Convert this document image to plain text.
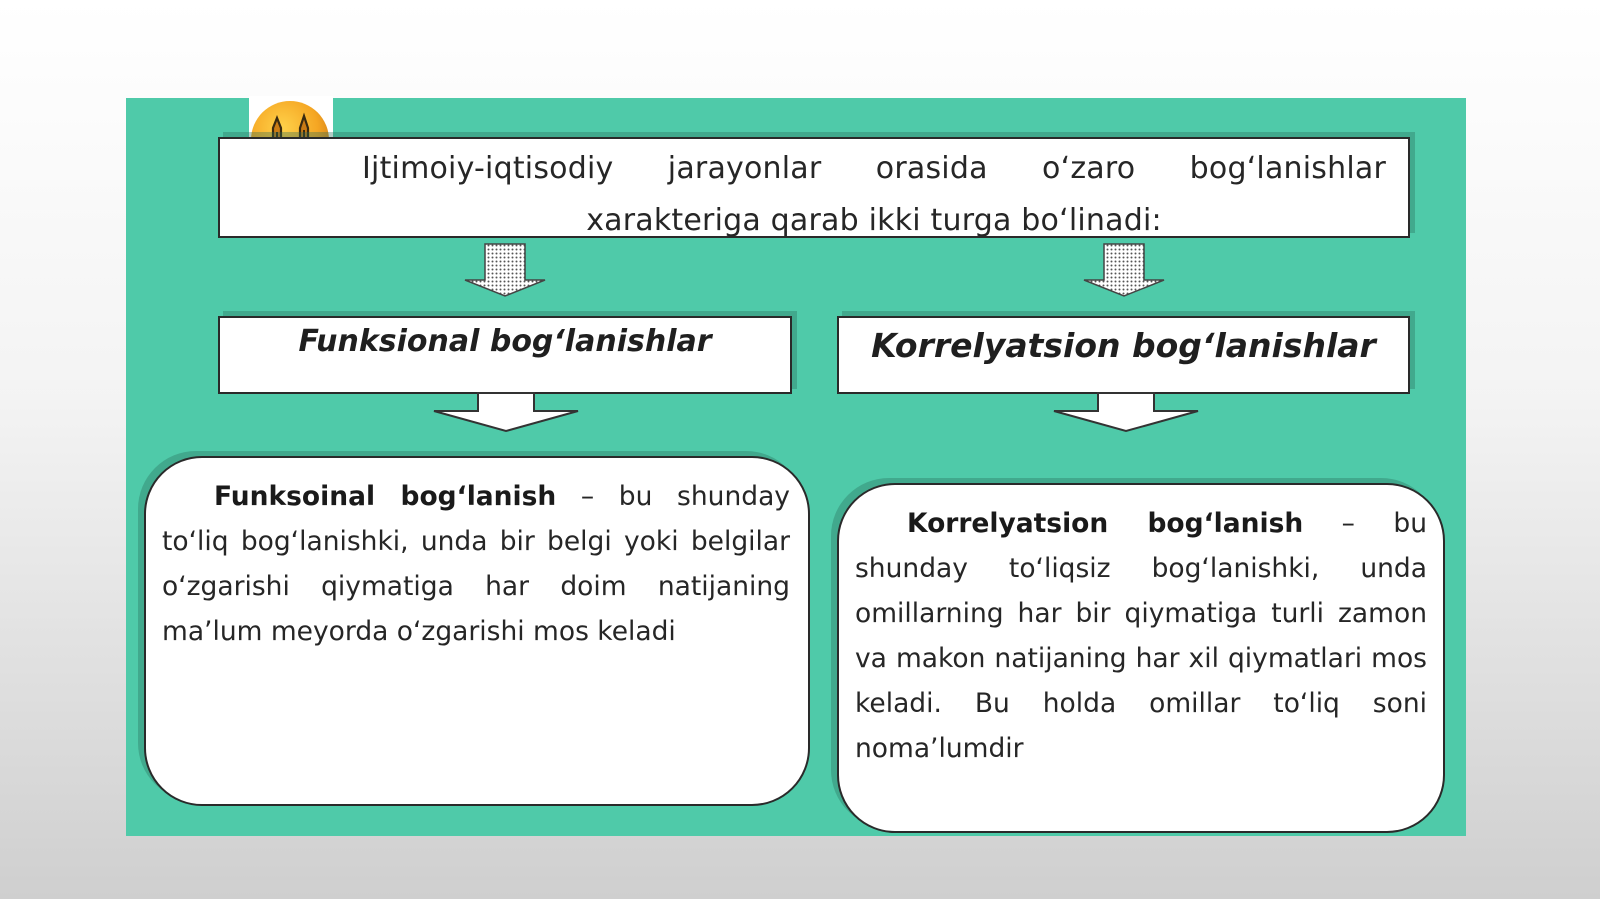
Ijtimoiy-iqtisodiy jarayonlar orasida o‘zaro bog‘lanishlar xarakteriga qarab ikki turga bo‘linadi:
Funksional bog‘lanishlar	Korrelyatsion bog‘lanishlar
Funksoinal bog‘lanish – bu shunday to‘liq bog‘lanishki, unda bir belgi yoki belgilar o‘zgarishi qiymatiga har doim natijaning ma’lum meyorda o‘zgarishi mos keladi
Korrelyatsion bog‘lanish – bu shunday to‘liqsiz bog‘lanishki, unda omillarning har bir qiymatiga turli zamon va makon natijaning har xil qiymatlari mos keladi. Bu holda omillar to‘liq soni noma’lumdir
